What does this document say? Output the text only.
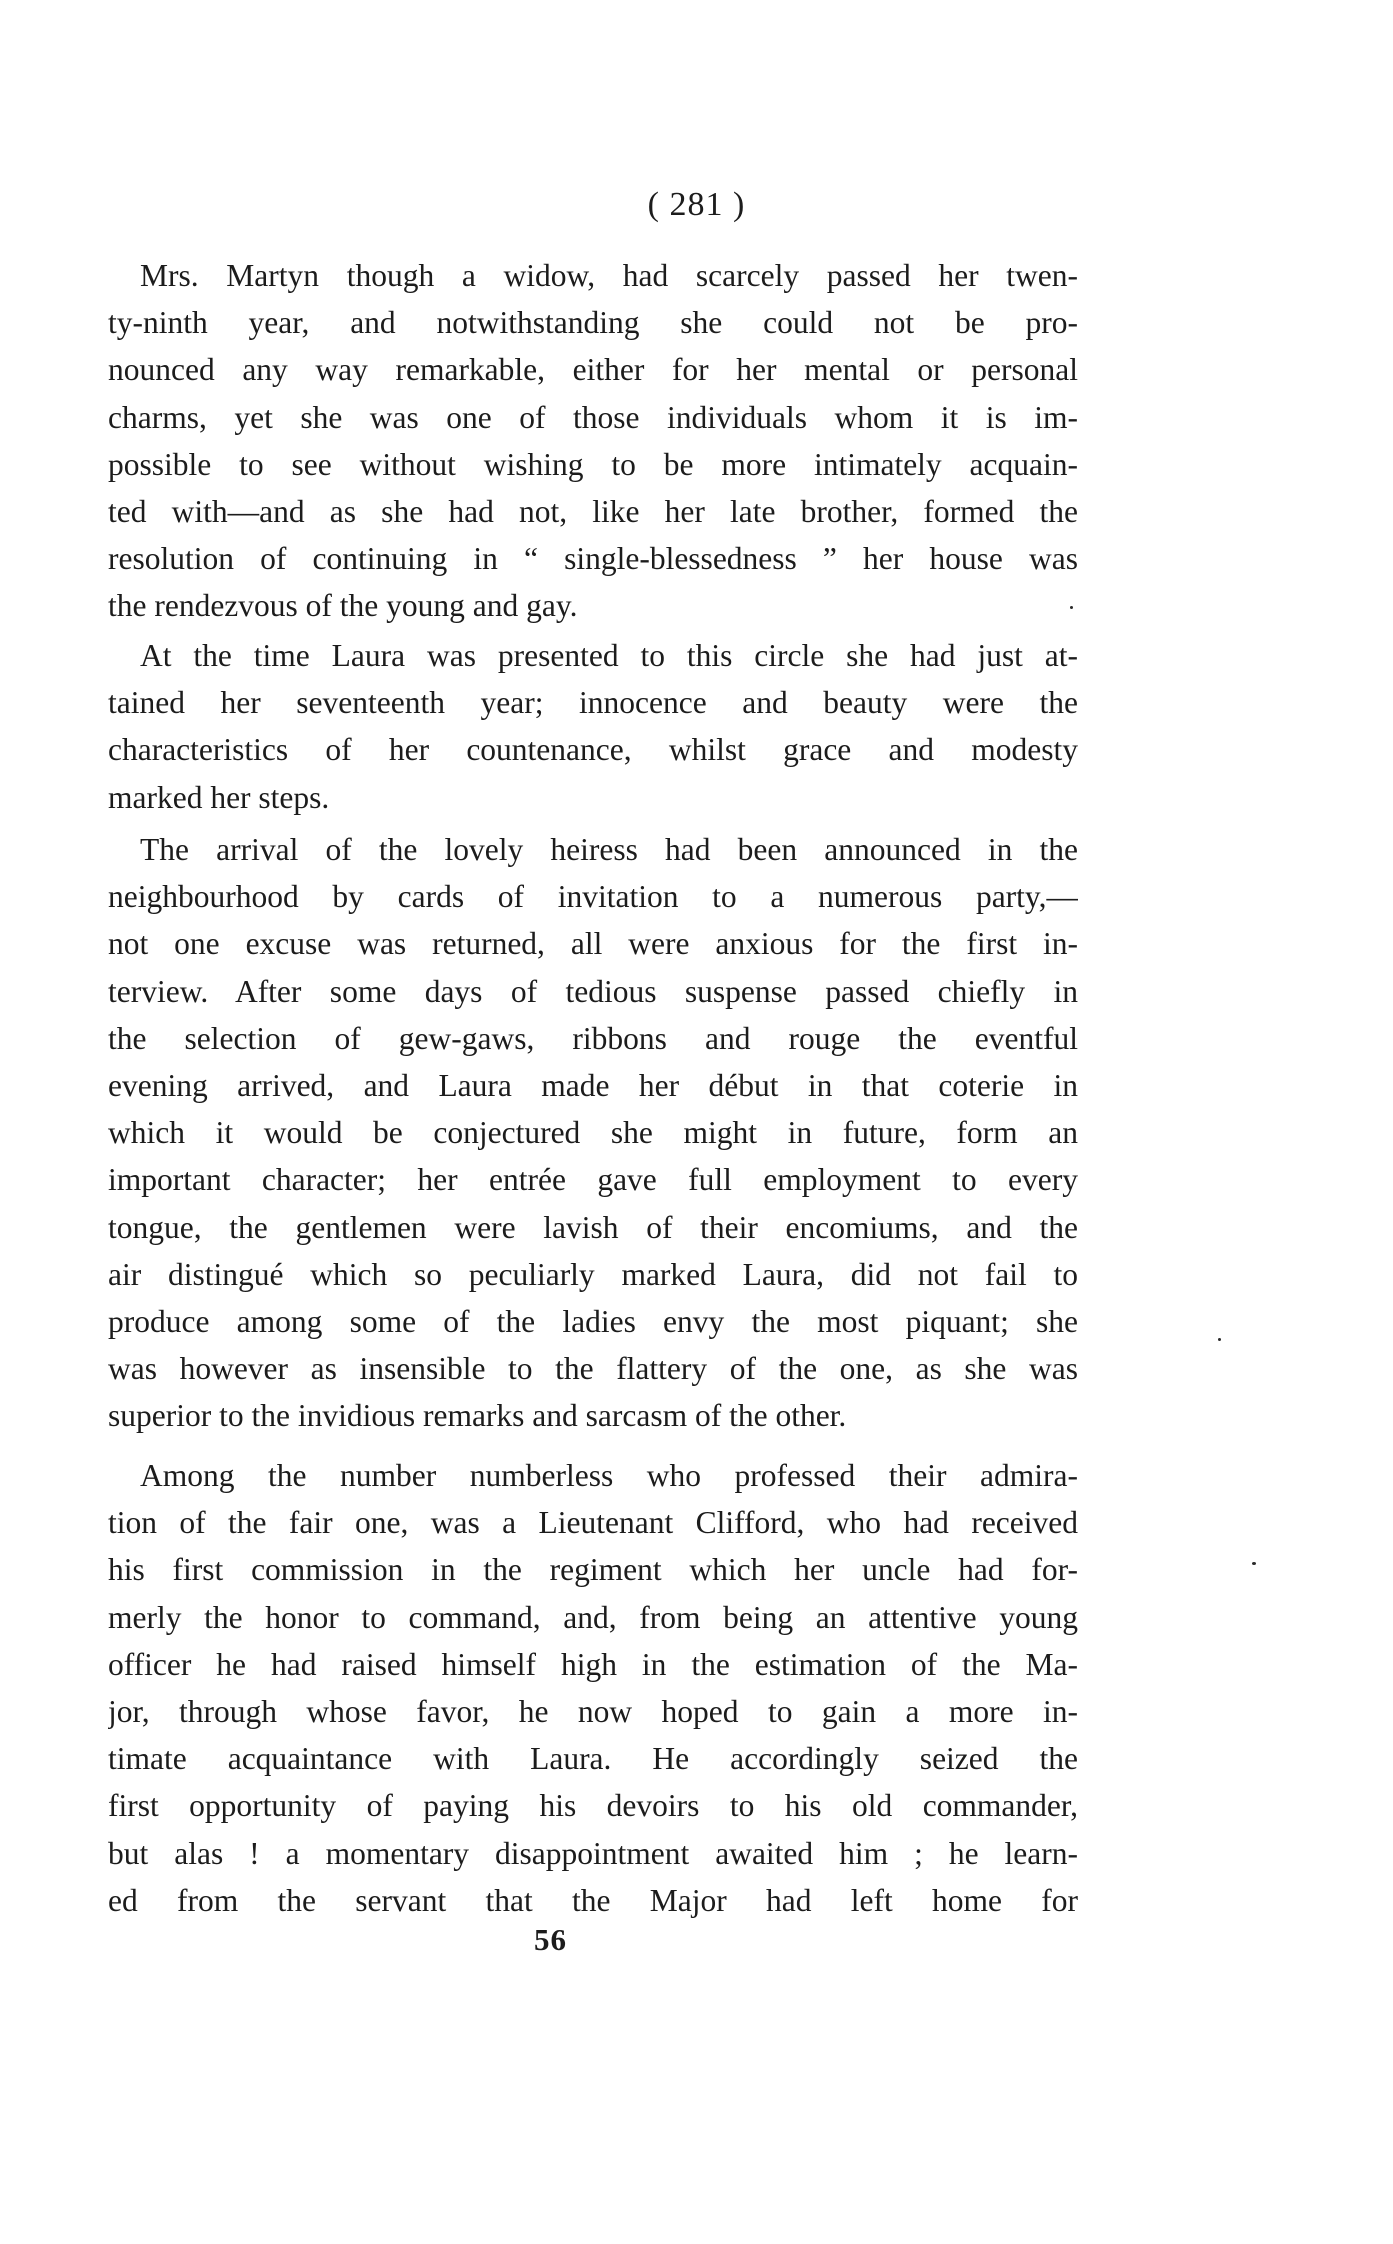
( 281 )
Mrs. Martyn though a widow, had scarcely passed her twen-
ty-ninth year, and notwithstanding she could not be pro-
nounced any way remarkable, either for her mental or personal
charms, yet she was one of those individuals whom it is im-
possible to see without wishing to be more intimately acquain-
ted with—and as she had not, like her late brother, formed the
resolution of continuing in “ single-blessedness ” her house was
the rendezvous of the young and gay.
At the time Laura was presented to this circle she had just at-
tained her seventeenth year; innocence and beauty were the
characteristics of her countenance, whilst grace and modesty
marked her steps.
The arrival of the lovely heiress had been announced in the
neighbourhood by cards of invitation to a numerous party,—
not one excuse was returned, all were anxious for the first in-
terview. After some days of tedious suspense passed chiefly in
the selection of gew-gaws, ribbons and rouge the eventful
evening arrived, and Laura made her début in that coterie in
which it would be conjectured she might in future, form an
important character; her entrée gave full employment to every
tongue, the gentlemen were lavish of their encomiums, and the
air distingué which so peculiarly marked Laura, did not fail to
produce among some of the ladies envy the most piquant; she
was however as insensible to the flattery of the one, as she was
superior to the invidious remarks and sarcasm of the other.
Among the number numberless who professed their admira-
tion of the fair one, was a Lieutenant Clifford, who had received
his first commission in the regiment which her uncle had for-
merly the honor to command, and, from being an attentive young
officer he had raised himself high in the estimation of the Ma-
jor, through whose favor, he now hoped to gain a more in-
timate acquaintance with Laura. He accordingly seized the
first opportunity of paying his devoirs to his old commander,
but alas ! a momentary disappointment awaited him ; he learn-
ed from the servant that the Major had left home for
56
